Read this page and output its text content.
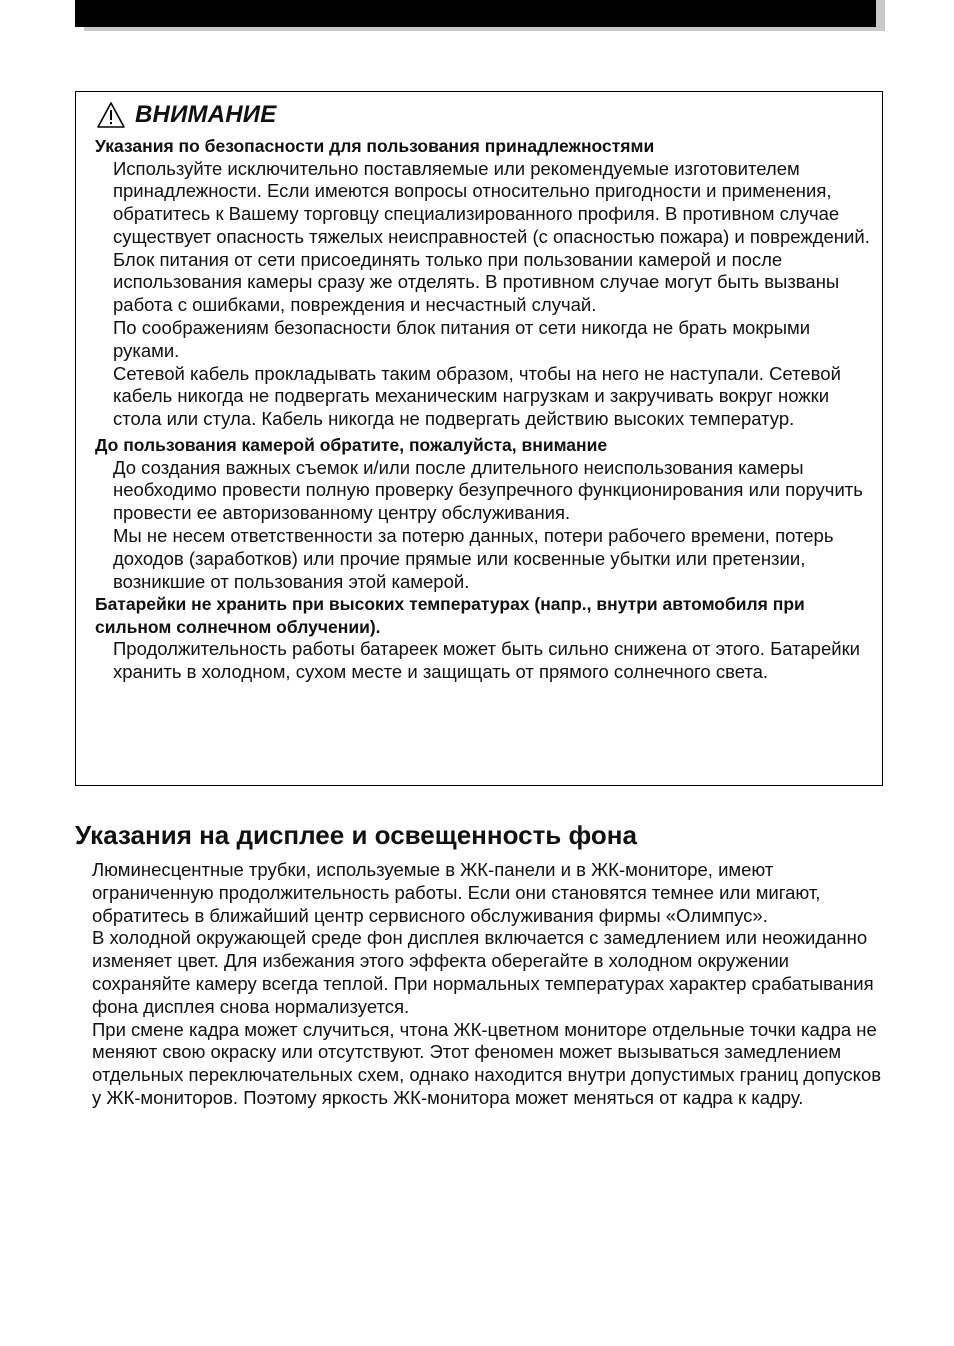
ВНИМАНИЕ
Указания по безопасности для пользования принадлежностями
Используйте исключительно поставляемые или рекомендуемые изготовителем принадлежности. Если имеются вопросы относительно пригодности и применения, обратитесь к Вашему торговцу специализированного профиля. В противном случае существует опасность тяжелых неисправностей (с опасностью пожара) и повреждений.
Блок питания от сети присоединять только при пользовании камерой и после использования камеры сразу же отделять. В противном случае могут быть вызваны работа с ошибками, повреждения и несчастный случай.
По соображениям безопасности блок питания от сети никогда не брать мокрыми руками.
Сетевой кабель прокладывать таким образом, чтобы на него не наступали. Сетевой кабель никогда не подвергать механическим нагрузкам и закручивать вокруг ножки стола или стула. Кабель никогда не подвергать действию высоких температур.
До пользования камерой обратите, пожалуйста, внимание
До создания важных съемок и/или после длительного неиспользования камеры необходимо провести полную проверку безупречного функционирования или поручить провести ее авторизованному центру обслуживания.
Мы не несем ответственности за потерю данных, потери рабочего времени, потерь доходов (заработков) или прочие прямые или косвенные убытки или претензии, возникшие от пользования этой камерой.
Батарейки не хранить при высоких температурах (напр., внутри автомобиля при сильном солнечном облучении).
Продолжительность работы батареек может быть сильно снижена от этого. Батарейки хранить в холодном, сухом месте и защищать от прямого солнечного света.
Указания на дисплее и освещенность фона
Люминесцентные трубки, используемые в ЖК-панели и в ЖК-мониторе, имеют ограниченную продолжительность работы. Если они становятся темнее или мигают, обратитесь в ближайший центр сервисного обслуживания фирмы «Олимпус».
В холодной окружающей среде фон дисплея включается с замедлением или неожиданно изменяет цвет. Для избежания этого эффекта оберегайте в холодном окружении сохраняйте камеру всегда теплой. При нормальных температурах характер срабатывания фона дисплея снова нормализуется.
При смене кадра может случиться, чтона ЖК-цветном мониторе отдельные точки кадра не меняют свою окраску или отсутствуют. Этот феномен может вызываться замедлением отдельных переключательных схем, однако находится внутри допустимых границ допусков у ЖК-мониторов. Поэтому яркость ЖК-монитора может меняться от кадра к кадру.
